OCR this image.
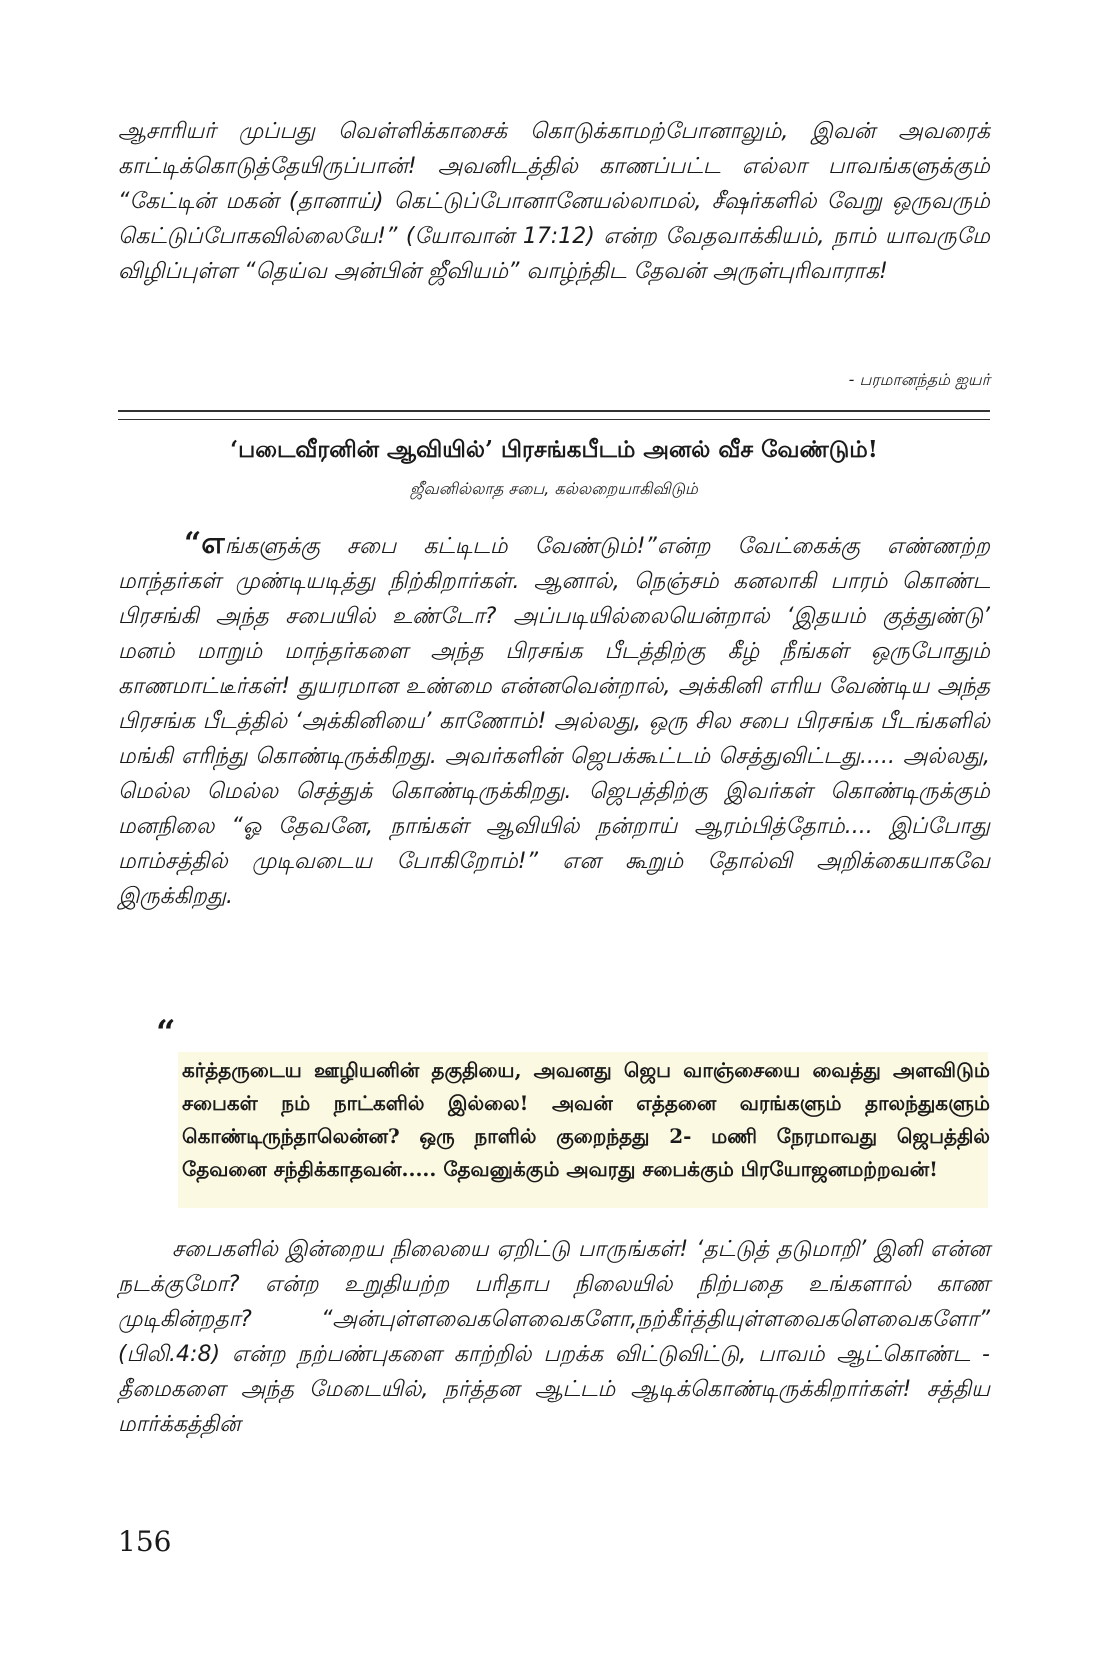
ஆசாரியர் முப்பது வெள்ளிக்காசைக் கொடுக்காமற்போனாலும், இவன் அவரைக் காட்டிக்கொடுத்தேயிருப்பான்! அவனிடத்தில் காணப்பட்ட எல்லா பாவங்களுக்கும் “கேட்டின் மகன் (தானாய்) கெட்டுப்போனானேயல்லாமல், சீஷர்களில் வேறு ஒருவரும் கெட்டுப்போகவில்லையே!” (யோவான் 17:12) என்ற வேதவாக்கியம், நாம் யாவருமே விழிப்புள்ள “தெய்வ அன்பின் ஜீவியம்” வாழ்ந்திட தேவன் அருள்புரிவாராக!

- பரமானந்தம் ஐயர்
‘படைவீரனின் ஆவியில்’ பிரசங்கபீடம் அனல் வீச வேண்டும்!

ஜீவனில்லாத சபை, கல்லறையாகிவிடும்

“எங்களுக்கு சபை கட்டிடம் வேண்டும்!”என்ற வேட்கைக்கு எண்ணற்ற மாந்தர்கள் முண்டியடித்து நிற்கிறார்கள். ஆனால், நெஞ்சம் கனலாகி பாரம் கொண்ட பிரசங்கி அந்த சபையில் உண்டோ? அப்படியில்லையென்றால் ‘இதயம் குத்துண்டு’ மனம் மாறும் மாந்தர்களை அந்த பிரசங்க பீடத்திற்கு கீழ் நீங்கள் ஒருபோதும் காணமாட்டீர்கள்! துயரமான உண்மை என்னவென்றால், அக்கினி எரிய வேண்டிய அந்த பிரசங்க பீடத்தில் ‘அக்கினியை’ காணோம்! அல்லது, ஒரு சில சபை பிரசங்க பீடங்களில் மங்கி எரிந்து கொண்டிருக்கிறது. அவர்களின் ஜெபக்கூட்டம் செத்துவிட்டது..... அல்லது, மெல்ல மெல்ல செத்துக் கொண்டிருக்கிறது. ஜெபத்திற்கு இவர்கள் கொண்டிருக்கும் மனநிலை “ஓ தேவனே, நாங்கள் ஆவியில் நன்றாய் ஆரம்பித்தோம்.... இப்போது மாம்சத்தில் முடிவடைய போகிறோம்!” என கூறும் தோல்வி அறிக்கையாகவே இருக்கிறது.

“

கர்த்தருடைய ஊழியனின் தகுதியை, அவனது ஜெப வாஞ்சையை வைத்து அளவிடும் சபைகள் நம் நாட்களில் இல்லை! அவன் எத்தனை வரங்களும் தாலந்துகளும் கொண்டிருந்தாலென்ன? ஒரு நாளில் குறைந்தது 2- மணி நேரமாவது ஜெபத்தில் தேவனை சந்திக்காதவன்..... தேவனுக்கும் அவரது சபைக்கும் பிரயோஜனமற்றவன்!

சபைகளில் இன்றைய நிலையை ஏறிட்டு பாருங்கள்! ‘தட்டுத் தடுமாறி’ இனி என்ன நடக்குமோ? என்ற உறுதியற்ற பரிதாப நிலையில் நிற்பதை உங்களால் காண முடிகின்றதா? “அன்புள்ளவைகளெவைகளோ,நற்கீர்த்தியுள்ளவைகளெவைகளோ” (பிலி.4:8) என்ற நற்பண்புகளை காற்றில் பறக்க விட்டுவிட்டு, பாவம் ஆட்கொண்ட - தீமைகளை அந்த மேடையில், நர்த்தன ஆட்டம் ஆடிக்கொண்டிருக்கிறார்கள்! சத்திய மார்க்கத்தின்

156
